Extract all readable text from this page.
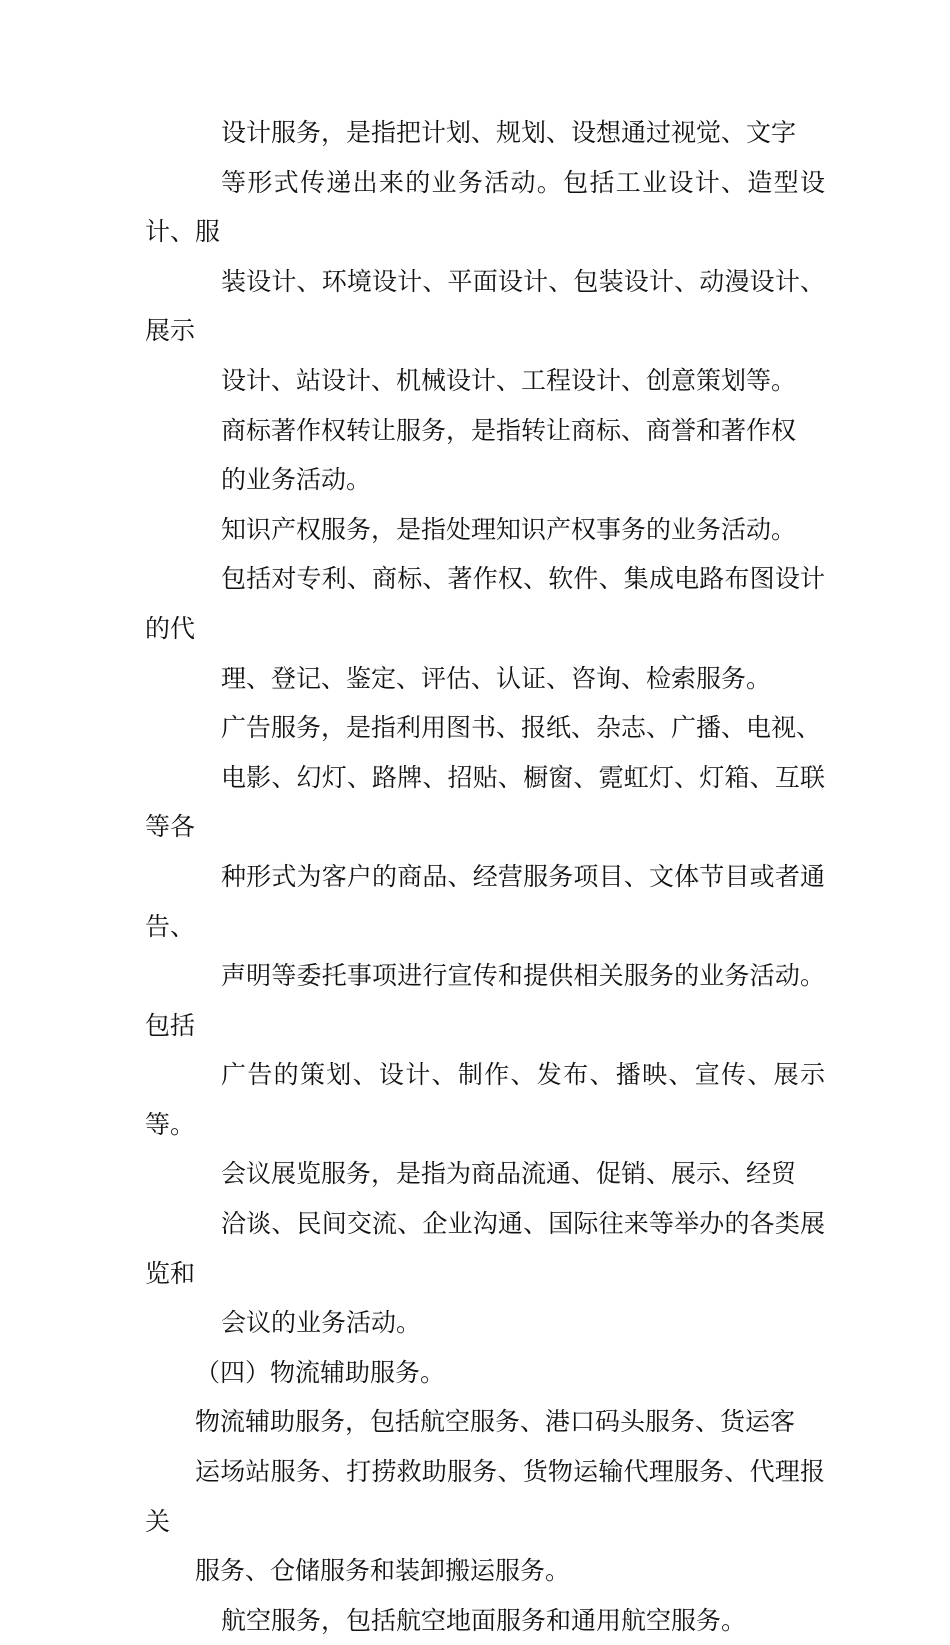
设计服务，是指把计划、规划、设想通过视觉、文字
等形式传递出来的业务活动。包括工业设计、造型设计、服
装设计、环境设计、平面设计、包装设计、动漫设计、展示
设计、站设计、机械设计、工程设计、创意策划等。

商标著作权转让服务，是指转让商标、商誉和著作权
的业务活动。

知识产权服务，是指处理知识产权事务的业务活动。
包括对专利、商标、著作权、软件、集成电路布图设计的代
理、登记、鉴定、评估、认证、咨询、检索服务。

广告服务，是指利用图书、报纸、杂志、广播、电视、
电影、幻灯、路牌、招贴、橱窗、霓虹灯、灯箱、互联等各
种形式为客户的商品、经营服务项目、文体节目或者通告、
声明等委托事项进行宣传和提供相关服务的业务活动。包括
广告的策划、设计、制作、发布、播映、宣传、展示等。

会议展览服务，是指为商品流通、促销、展示、经贸
洽谈、民间交流、企业沟通、国际往来等举办的各类展览和
会议的业务活动。

（四）物流辅助服务。

物流辅助服务，包括航空服务、港口码头服务、货运客
运场站服务、打捞救助服务、货物运输代理服务、代理报关
服务、仓储服务和装卸搬运服务。

航空服务，包括航空地面服务和通用航空服务。
